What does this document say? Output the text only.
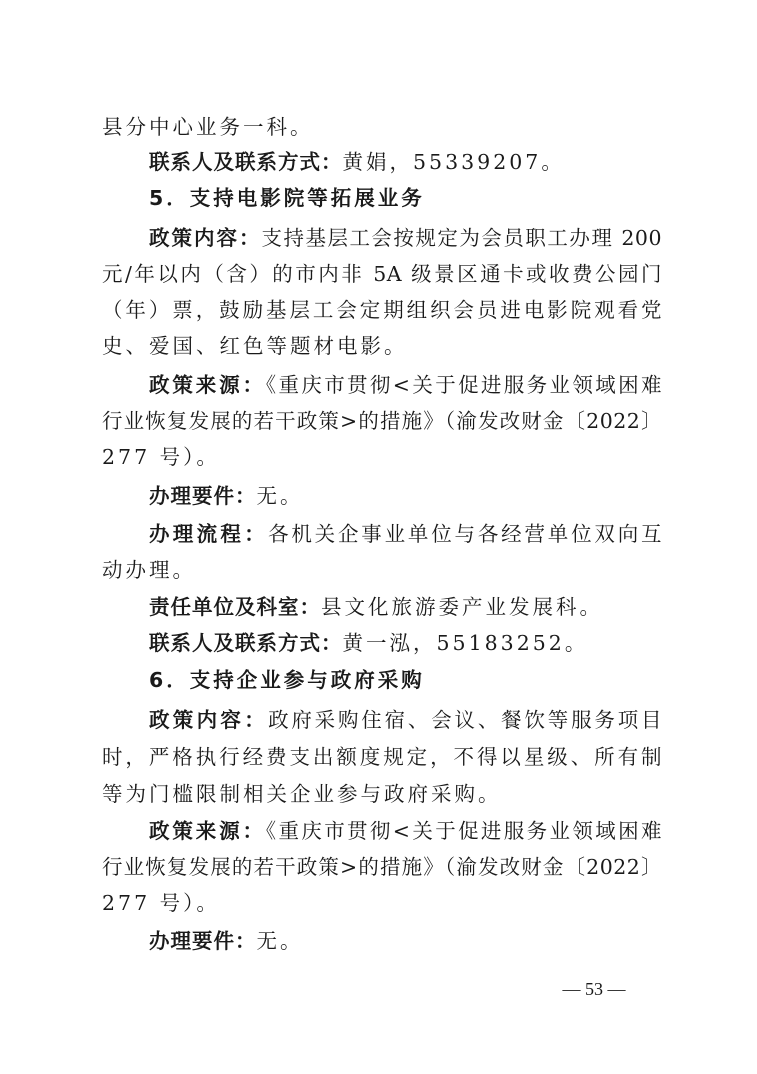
县分中心业务一科。
联系人及联系方式：黄娟，55339207。
5．支持电影院等拓展业务
政策内容：支持基层工会按规定为会员职工办理 200
元/年以内（含）的市内非 5A 级景区通卡或收费公园门
（年）票，鼓励基层工会定期组织会员进电影院观看党
史、爱国、红色等题材电影。
政策来源：《重庆市贯彻<关于促进服务业领域困难
行业恢复发展的若干政策>的措施》（渝发改财金〔2022〕
277 号）。
办理要件：无。
办理流程：各机关企事业单位与各经营单位双向互
动办理。
责任单位及科室：县文化旅游委产业发展科。
联系人及联系方式：黄一泓，55183252。
6．支持企业参与政府采购
政策内容：政府采购住宿、会议、餐饮等服务项目
时，严格执行经费支出额度规定，不得以星级、所有制
等为门槛限制相关企业参与政府采购。
政策来源：《重庆市贯彻<关于促进服务业领域困难
行业恢复发展的若干政策>的措施》（渝发改财金〔2022〕
277 号）。
办理要件：无。
— 53 —
